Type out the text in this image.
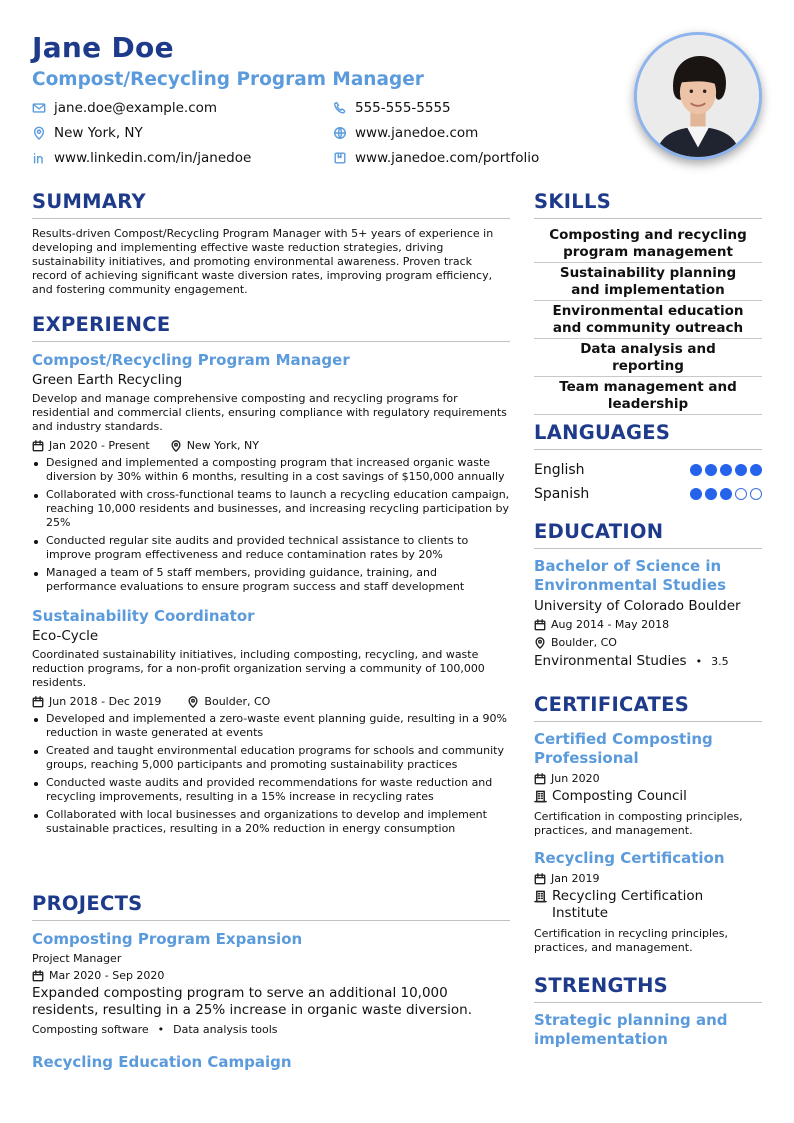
Jane Doe
Compost/Recycling Program Manager
jane.doe@example.com
New York, NY
www.linkedin.com/in/janedoe
555-555-5555
www.janedoe.com
www.janedoe.com/portfolio
SUMMARY
Results-driven Compost/Recycling Program Manager with 5+ years of experience in developing and implementing effective waste reduction strategies, driving sustainability initiatives, and promoting environmental awareness. Proven track record of achieving significant waste diversion rates, improving program efficiency, and fostering community engagement.
EXPERIENCE
Compost/Recycling Program Manager
Green Earth Recycling
Develop and manage comprehensive composting and recycling programs for residential and commercial clients, ensuring compliance with regulatory requirements and industry standards.
Jan 2020 - Present	New York, NY
Designed and implemented a composting program that increased organic waste diversion by 30% within 6 months, resulting in a cost savings of $150,000 annually
Collaborated with cross-functional teams to launch a recycling education campaign, reaching 10,000 residents and businesses, and increasing recycling participation by 25%
Conducted regular site audits and provided technical assistance to clients to improve program effectiveness and reduce contamination rates by 20%
Managed a team of 5 staff members, providing guidance, training, and performance evaluations to ensure program success and staff development
Sustainability Coordinator
Eco-Cycle
Coordinated sustainability initiatives, including composting, recycling, and waste reduction programs, for a non-profit organization serving a community of 100,000 residents.
Jun 2018 - Dec 2019	Boulder, CO
Developed and implemented a zero-waste event planning guide, resulting in a 90% reduction in waste generated at events
Created and taught environmental education programs for schools and community groups, reaching 5,000 participants and promoting sustainability practices
Conducted waste audits and provided recommendations for waste reduction and recycling improvements, resulting in a 15% increase in recycling rates
Collaborated with local businesses and organizations to develop and implement sustainable practices, resulting in a 20% reduction in energy consumption
PROJECTS
Composting Program Expansion
Project Manager
Mar 2020 - Sep 2020
Expanded composting program to serve an additional 10,000 residents, resulting in a 25% increase in organic waste diversion.
Composting software • Data analysis tools
Recycling Education Campaign
SKILLS
Composting and recycling program management
Sustainability planning and implementation
Environmental education and community outreach
Data analysis and reporting
Team management and leadership
LANGUAGES
English
Spanish
EDUCATION
Bachelor of Science in Environmental Studies
University of Colorado Boulder
Aug 2014 - May 2018
Boulder, CO
Environmental Studies • 3.5
CERTIFICATES
Certified Composting Professional
Jun 2020
Composting Council
Certification in composting principles, practices, and management.
Recycling Certification
Jan 2019
Recycling Certification Institute
Certification in recycling principles, practices, and management.
STRENGTHS
Strategic planning and implementation
